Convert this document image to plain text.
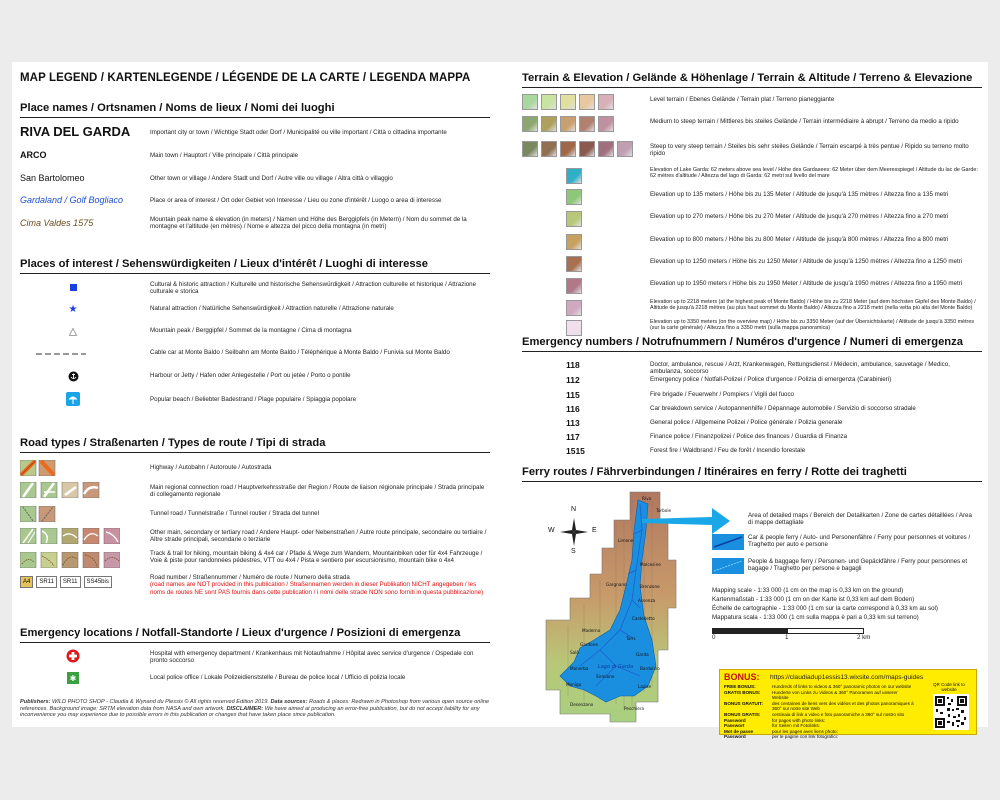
MAP LEGEND / KARTENLEGENDE / LÉGENDE DE LA CARTE / LEGENDA MAPPA
Place names / Ortsnamen / Noms de lieux / Nomi dei luoghi
RIVA DEL GARDA	Important city or town / Wichtige Stadt oder Dorf / Municipalité ou ville important / Città o cittadina importante
ARCO	Main town / Hauptort / Ville principale / Città principale
San Bartolomeo	Other town or village / Andere Stadt und Dorf / Autre ville ou village / Altra città o villaggio
Gardaland / Golf Bogliaco	Place or area of interest / Ort oder Gebiet von Interesse / Lieu ou zone d'intérêt / Luogo o area di interesse
Cima Valdes 1575	Mountain peak name & elevation (in meters) / Namen und Höhe des Berggipfels (in Metern) / Nom du sommet de la montagne et l'altitude (en mètres) / Nome e altezza del picco della montagna (in metri)
Places of interest / Sehenswürdigkeiten / Lieux d'intérêt / Luoghi di interesse
Cultural & historic attraction / Kulturelle und historische Sehenswürdigkeit / Attraction culturelle et historique / Attrazione culturale e storica
★	Natural attraction / Natürliche Sehenswürdigkeit / Attraction naturelle / Attrazione naturale
Mountain peak / Berggipfel / Sommet de la montagne / Cima di montagna
Cable car at Monte Baldo / Seilbahn am Monte Baldo / Téléphérique à Monte Baldo / Funivia sul Monte Baldo
Harbour or Jetty / Hafen oder Anlegestelle / Port ou jetée / Porto o pontile
Popular beach / Beliebter Badestrand / Plage populaire / Spiaggia popolare
Road types / Straßenarten / Types de route / Tipi di strada
Highway / Autobahn / Autoroute / Autostrada
Main regional connection road / Hauptverkehrsstraße der Region / Route de liaison régionale principale / Strada principale di collegamento regionale
Tunnel road / Tunnelstraße / Tunnel routier / Strada del tunnel
Other main, secondary or tertiary road / Andere Haupt- oder Nebenstraßen / Autre route principale, secondaire ou tertiaire / Altre strade principali, secondarie o terziarie
Track & trail for hiking, mountain biking & 4x4 car / Pfade & Wege zum Wandern, Mountainbiken oder für 4x4 Fahrzeuge / Voie & piste pour randonnées pédestres, VTT ou 4x4 / Pista e sentiero per escursionismo, mountain bike o 4x4
A4	SR11	SR11	SS45bis
Road number / Straßennummer / Numéro de route / Numero della strada
(road names are NOT provided in this publication / Straßennamen werden in dieser Publikation NICHT angegeben / les noms de routes NE sont PAS fournis dans cette publication / i nomi delle strade NON sono forniti in questa pubblicazione)
Emergency locations / Notfall-Standorte / Lieux d'urgence / Posizioni di emergenza
Hospital with emergency department / Krankenhaus mit Notaufnahme / Hôpital avec service d'urgence / Ospedale con pronto soccorso
✱	Local police office / Lokale Polizeidienststelle / Bureau de police local / Ufficio di polizia locale
Publishers: WILD PHOTO SHOP - Claudia & Wynand du Plessis © All rights reserved Edition 2019. Data sources: Roads & places: Redrawn in Photoshop from various open source online references. Background image: SRTM elevation data from NASA and own artwork. DISCLAIMER: We have aimed at producing an error-free publication, but do not accept liability for any inconvenience you may experience due to possible errors in this publication or changes that have taken place since publication.
Terrain & Elevation / Gelände & Höhenlage / Terrain & Altitude / Terreno & Elevazione
Level terrain / Ebenes Gelände / Terrain plat / Terreno pianeggiante
Medium to steep terrain / Mittleres bis steiles Gelände / Terrain intermédiaire à abrupt / Terreno da medio a ripido
Steep to very steep terrain / Steiles bis sehr steiles Gelände / Terrain escarpé à très pentue / Ripido su terreno molto ripido
Elevation of Lake Garda: 62 meters above sea level / Höhe des Gardasees: 62 Meter über dem Meeresspiegel / Altitude du lac de Garde: 62 mètres d'altitude / Altezza del lago di Garda: 62 metri sul livello del mare
Elevation up to 135 meters / Höhe bis zu 135 Meter / Altitude de jusqu'à 135 mètres / Altezza fino a 135 metri
Elevation up to 270 meters / Höhe bis zu 270 Meter / Altitude de jusqu'à 270 mètres / Altezza fino a 270 metri
Elevation up to 800 meters / Höhe bis zu 800 Meter / Altitude de jusqu'à 800 mètres / Altezza fino a 800 metri
Elevation up to 1250 meters / Höhe bis zu 1250 Meter / Altitude de jusqu'à 1250 mètres / Altezza fino a 1250 metri
Elevation up to 1950 meters / Höhe bis zu 1950 Meter / Altitude de jusqu'à 1950 mètres / Altezza fino a 1950 metri
Elevation up to 2218 meters (at the highest peak of Monte Baldo) / Höhe bis zu 2218 Meter (auf dem höchsten Gipfel des Monte Baldo) / Altitude de jusqu'à 2218 mètres (au plus haut sommet du Monte Baldo) / Altezza fino a 2218 metri (nella vetta più alta del Monte Baldo)
Elevation up to 3350 meters (on the overview map) / Höhe bis zu 3350 Meter (auf der Übersichtskarte) / Altitude de jusqu'à 3350 mètres (sur la carte générale) / Altezza fino a 3350 metri (sulla mappa panoramica)
Emergency numbers / Notrufnummern / Numéros d'urgence / Numeri di emergenza
118	Doctor, ambulance, rescue / Arzt, Krankenwagen, Rettungsdienst / Médecin, ambulance, sauvetage / Medico, ambulanza, soccorso
112	Emergency police / Notfall-Polizei / Police d'urgence / Polizia di emergenza (Carabinieri)
115	Fire brigade / Feuerwehr / Pompiers / Vigili del fuoco
116	Car breakdown service / Autopannenhilfe / Dépannage automobile / Servizio di soccorso stradale
113	General police / Allgemeine Polizei / Police générale / Polizia generale
117	Finance police / Finanzpolizei / Police des finances / Guardia di Finanza
1515	Forest fire / Waldbrand / Feu de forêt / Incendio forestale
Ferry routes / Fährverbindungen / Itinéraires en ferry / Rotte dei traghetti
N
E
S
W
Riva
Torbole
Limone
Malcesine
Brenzone
Assenza
Gargnano
Castelletto
Maderno
Torri
Gardone
Salò	Garda
Bardolino
Sirmione
Lazise
Desenzano
Peschiera
Manerba
Moniga
Lago di Garda
Area of detailed maps / Bereich der Detailkarten / Zone de cartes détaillées / Area di mappe dettagliate
Car & people ferry / Auto- und Personenfähre / Ferry pour personnes et voitures / Traghetto per auto e persone
People & baggage ferry / Personen- und Gepäckfähre / Ferry pour personnes et bagage / Traghetto per persone e bagagli
Mapping scale - 1:33 000 (1 cm on the map is 0,33 km on the ground)
Kartenmaßstab - 1:33 000 (1 cm on der Karte ist 0,33 km auf dem Boden)
Échelle de cartographie - 1:33 000 (1 cm sur la carte correspond à 0,33 km au sol)
Mappatura scala - 1:33 000 (1 cm sulla mappa è pari a 0,33 km sul terreno)
0	1	2 km
BONUS: https://claudiadup1essis13.wixsite.com/maps-guides
FREE BONUS:	Hundreds of links to videos & 360° panoramic photos on our website
GRATIS BONUS:	Hunderte von Links zu Videos & 360° Panoramen auf unserer Website
BONUS GRATUIT:	des centaines de liens vers des vidéos et des photos panoramiques à 360° sur notre site Web
BONUS GRATIS:	centinaia di link a video e foto panoramiche a 360° sul nostro sito
Password	for pages with photo links:
Passwort	für Seiten mit Fotolinks:
Mot de passe	pour les pages avec liens photo:
Password	per le pagine con link fotografici:
QR Code link to website
